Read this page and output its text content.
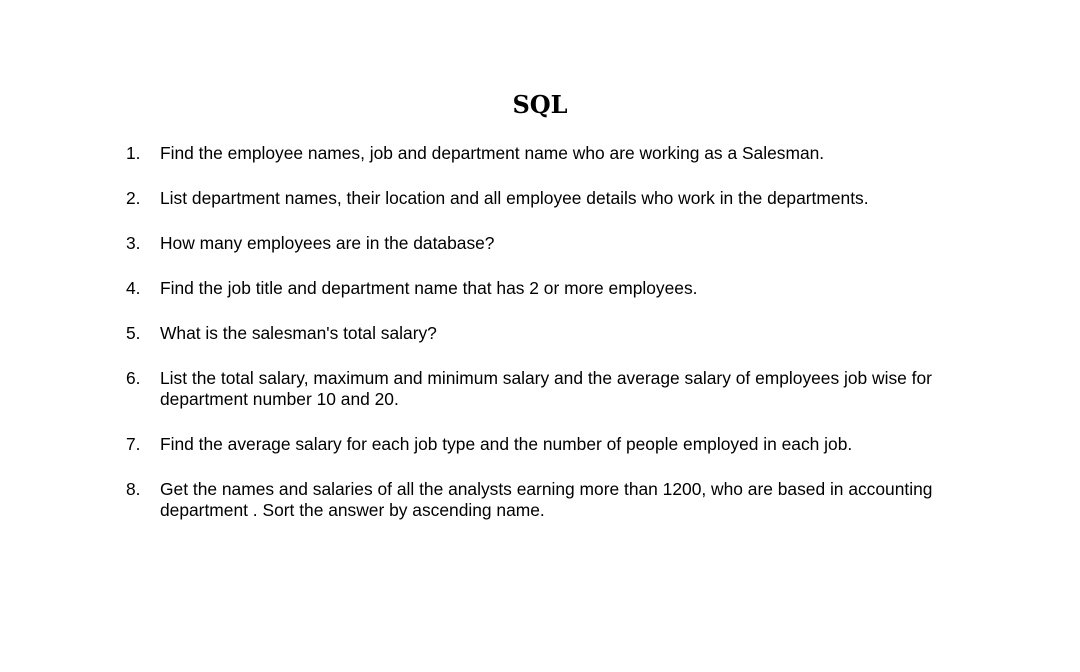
SQL
1. Find the employee names, job and department name who are working as a Salesman.
2. List department names, their location and all employee details who work in the departments.
3. How many employees are in the database?
4. Find the job title and department name that has 2 or more employees.
5. What is the salesman's total salary?
6. List the total salary, maximum and minimum salary and the average salary of employees job wise for department number 10 and 20.
7. Find the average salary for each job type and the number of people employed in each job.
8. Get the names and salaries of all the analysts earning more than 1200, who are based in accounting department . Sort the answer by ascending name.
